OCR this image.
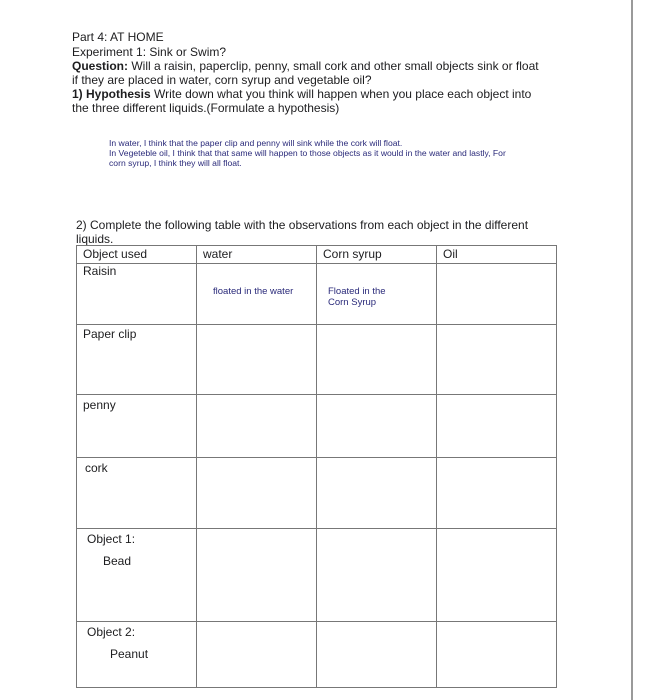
Part 4: AT HOME
Experiment 1: Sink or Swim?
Question: Will a raisin, paperclip, penny, small cork and other small objects sink or float
if they are placed in water, corn syrup and vegetable oil?
1) Hypothesis Write down what you think will happen when you place each object into
the three different liquids.(Formulate a hypothesis)
In water, I think that the paper clip and penny will sink while the cork will float.
In Vegeteble oil, I think that that same will happen to those objects as it would in the water and lastly, For
corn syrup, I think they will all float.
2) Complete the following table with the observations from each object in the different
liquids.
Object used	water	Corn syrup	Oil

Raisin	floated in the water	Floated in the
Corn Syrup	

Paper clip			

penny			

cork			

Object 1:
Bead			

Object 2:
Peanut			
